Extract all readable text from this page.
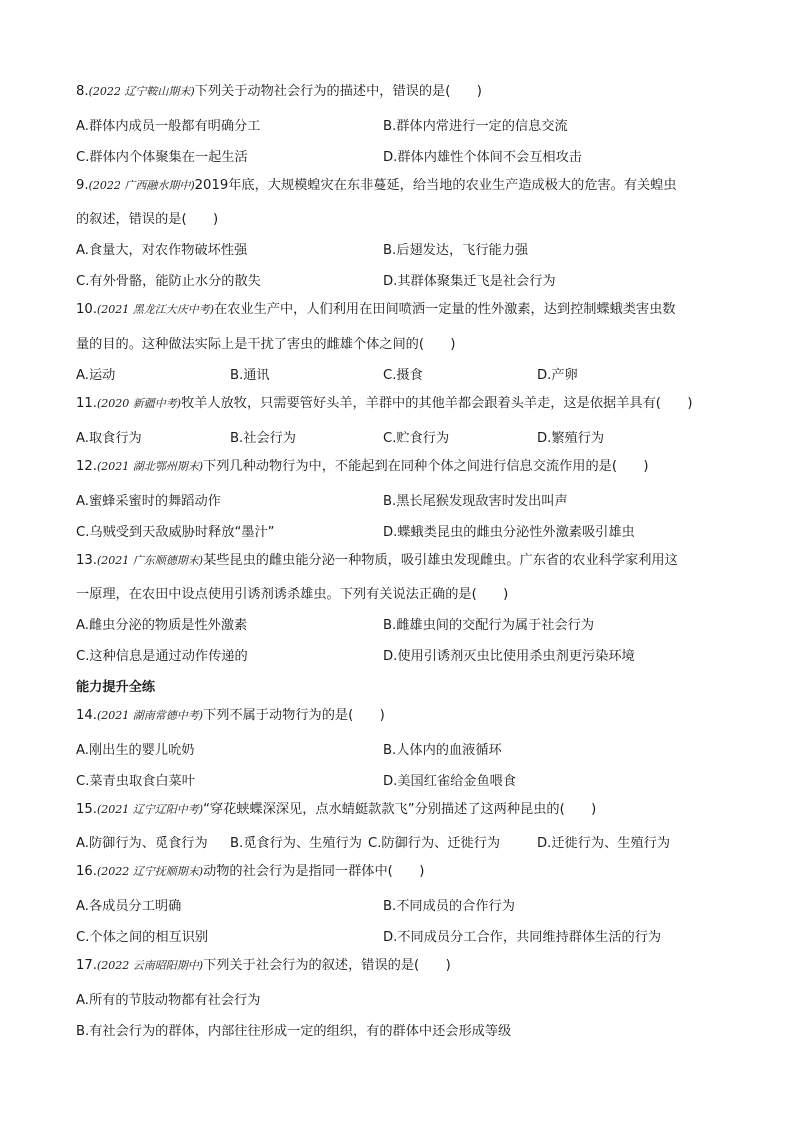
8.(2022 辽宁鞍山期末)下列关于动物社会行为的描述中，错误的是(　　)
A.群体内成员一般都有明确分工	B.群体内常进行一定的信息交流
C.群体内个体聚集在一起生活	D.群体内雄性个体间不会互相攻击
9.(2022 广西融水期中)2019年底，大规模蝗灾在东非蔓延，给当地的农业生产造成极大的危害。有关蝗虫
的叙述，错误的是(　　)
A.食量大，对农作物破坏性强	B.后翅发达，飞行能力强
C.有外骨骼，能防止水分的散失	D.其群体聚集迁飞是社会行为
10.(2021 黑龙江大庆中考)在农业生产中，人们利用在田间喷洒一定量的性外激素，达到控制蝶蛾类害虫数
量的目的。这种做法实际上是干扰了害虫的雌雄个体之间的(　　)
A.运动	B.通讯	C.摄食	D.产卵
11.(2020 新疆中考)牧羊人放牧，只需要管好头羊，羊群中的其他羊都会跟着头羊走，这是依据羊具有(　　)
A.取食行为	B.社会行为	C.贮食行为	D.繁殖行为
12.(2021 湖北鄂州期末)下列几种动物行为中，不能起到在同种个体之间进行信息交流作用的是(　　)
A.蜜蜂采蜜时的舞蹈动作	B.黑长尾猴发现敌害时发出叫声
C.乌贼受到天敌威胁时释放“墨汁”	D.蝶蛾类昆虫的雌虫分泌性外激素吸引雄虫
13.(2021 广东顺德期末)某些昆虫的雌虫能分泌一种物质，吸引雄虫发现雌虫。广东省的农业科学家利用这
一原理，在农田中设点使用引诱剂诱杀雄虫。下列有关说法正确的是(　　)
A.雌虫分泌的物质是性外激素	B.雌雄虫间的交配行为属于社会行为
C.这种信息是通过动作传递的	D.使用引诱剂灭虫比使用杀虫剂更污染环境
能力提升全练
14.(2021 湖南常德中考)下列不属于动物行为的是(　　)
A.刚出生的婴儿吮奶	B.人体内的血液循环
C.菜青虫取食白菜叶	D.美国红雀给金鱼喂食
15.(2021 辽宁辽阳中考)“穿花蛱蝶深深见，点水蜻蜓款款飞”分别描述了这两种昆虫的(　　)
A.防御行为、觅食行为 B.觅食行为、生殖行为 C.防御行为、迁徙行为	D.迁徙行为、生殖行为
16.(2022 辽宁抚顺期末)动物的社会行为是指同一群体中(　　)
A.各成员分工明确	B.不同成员的合作行为
C.个体之间的相互识别	D.不同成员分工合作，共同维持群体生活的行为
17.(2022 云南昭阳期中)下列关于社会行为的叙述，错误的是(　　)
A.所有的节肢动物都有社会行为
B.有社会行为的群体，内部往往形成一定的组织，有的群体中还会形成等级
